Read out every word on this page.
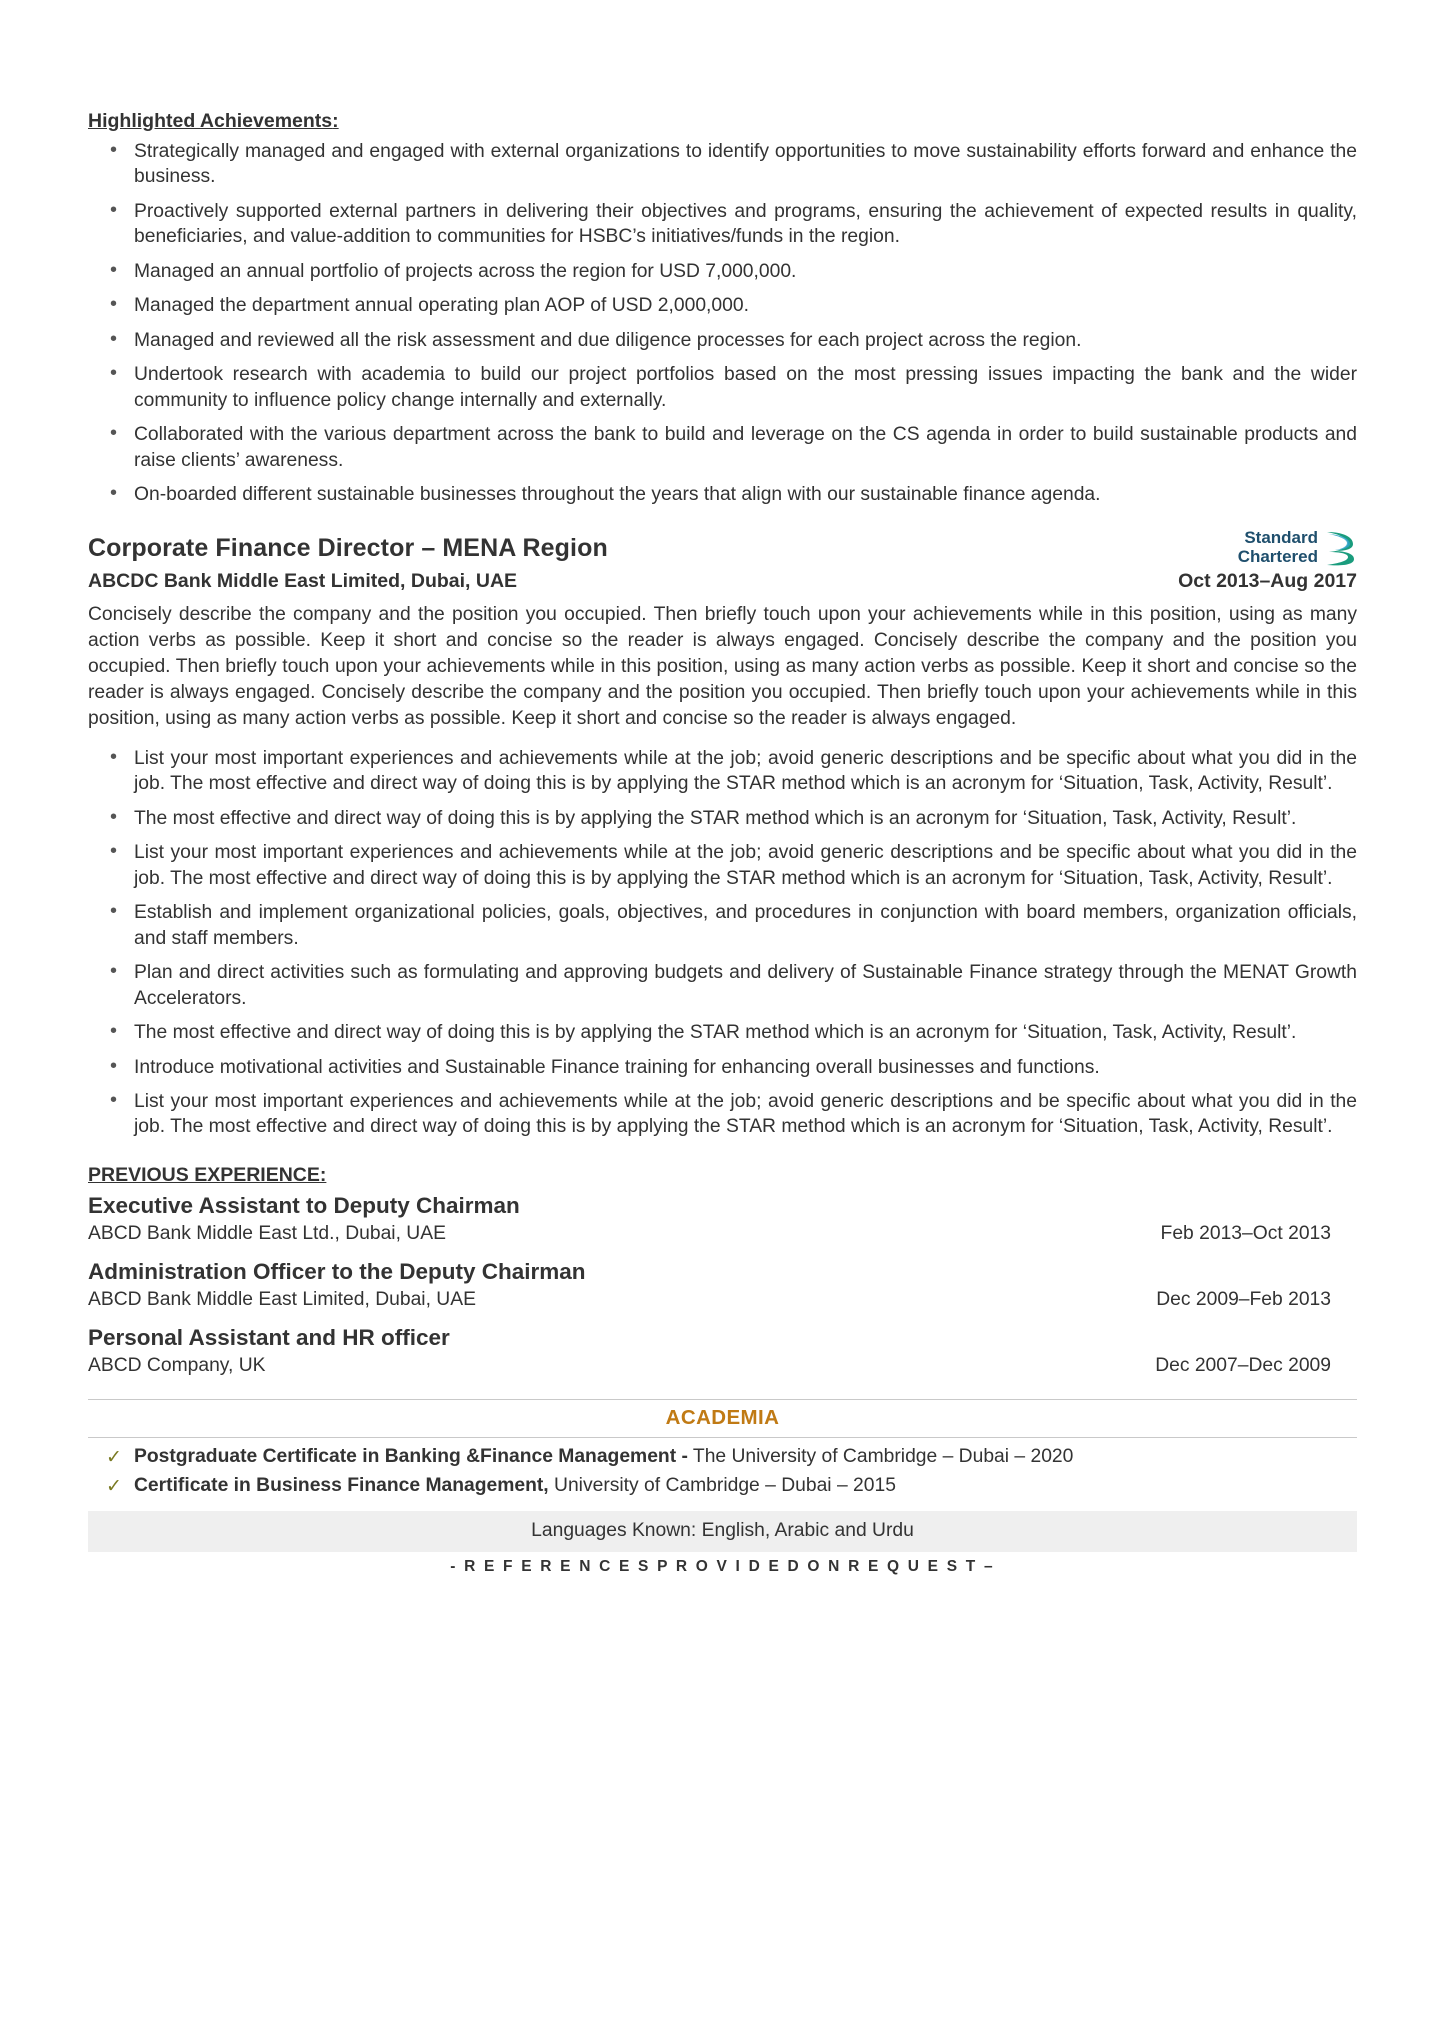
Highlighted Achievements:
• Strategically managed and engaged with external organizations to identify opportunities to move sustainability efforts forward and enhance the business.
• Proactively supported external partners in delivering their objectives and programs, ensuring the achievement of expected results in quality, beneficiaries, and value-addition to communities for HSBC’s initiatives/funds in the region.
• Managed an annual portfolio of projects across the region for USD 7,000,000.
• Managed the department annual operating plan AOP of USD 2,000,000.
• Managed and reviewed all the risk assessment and due diligence processes for each project across the region.
• Undertook research with academia to build our project portfolios based on the most pressing issues impacting the bank and the wider community to influence policy change internally and externally.
• Collaborated with the various department across the bank to build and leverage on the CS agenda in order to build sustainable products and raise clients’ awareness.
• On-boarded different sustainable businesses throughout the years that align with our sustainable finance agenda.
Standard
Chartered
Corporate Finance Director – MENA Region
ABCDC Bank Middle East Limited, Dubai, UAE	Oct 2013–Aug 2017
Concisely describe the company and the position you occupied. Then briefly touch upon your achievements while in this position, using as many action verbs as possible. Keep it short and concise so the reader is always engaged. Concisely describe the company and the position you occupied. Then briefly touch upon your achievements while in this position, using as many action verbs as possible. Keep it short and concise so the reader is always engaged. Concisely describe the company and the position you occupied. Then briefly touch upon your achievements while in this position, using as many action verbs as possible. Keep it short and concise so the reader is always engaged.
• List your most important experiences and achievements while at the job; avoid generic descriptions and be specific about what you did in the job. The most effective and direct way of doing this is by applying the STAR method which is an acronym for ‘Situation, Task, Activity, Result’.
• The most effective and direct way of doing this is by applying the STAR method which is an acronym for ‘Situation, Task, Activity, Result’.
• List your most important experiences and achievements while at the job; avoid generic descriptions and be specific about what you did in the job. The most effective and direct way of doing this is by applying the STAR method which is an acronym for ‘Situation, Task, Activity, Result’.
• Establish and implement organizational policies, goals, objectives, and procedures in conjunction with board members, organization officials, and staff members.
• Plan and direct activities such as formulating and approving budgets and delivery of Sustainable Finance strategy through the MENAT Growth Accelerators.
• The most effective and direct way of doing this is by applying the STAR method which is an acronym for ‘Situation, Task, Activity, Result’.
• Introduce motivational activities and Sustainable Finance training for enhancing overall businesses and functions.
• List your most important experiences and achievements while at the job; avoid generic descriptions and be specific about what you did in the job. The most effective and direct way of doing this is by applying the STAR method which is an acronym for ‘Situation, Task, Activity, Result’.
PREVIOUS EXPERIENCE:
Executive Assistant to Deputy Chairman
ABCD Bank Middle East Ltd., Dubai, UAE	Feb 2013–Oct 2013
Administration Officer to the Deputy Chairman
ABCD Bank Middle East Limited, Dubai, UAE	Dec 2009–Feb 2013
Personal Assistant and HR officer
ABCD Company, UK	Dec 2007–Dec 2009
ACADEMIA
✓ Postgraduate Certificate in Banking &Finance Management - The University of Cambridge – Dubai – 2020
✓ Certificate in Business Finance Management, University of Cambridge – Dubai – 2015
Languages Known: English, Arabic and Urdu
- R E F E R E N C E S P R O V I D E D O N R E Q U E S T –
